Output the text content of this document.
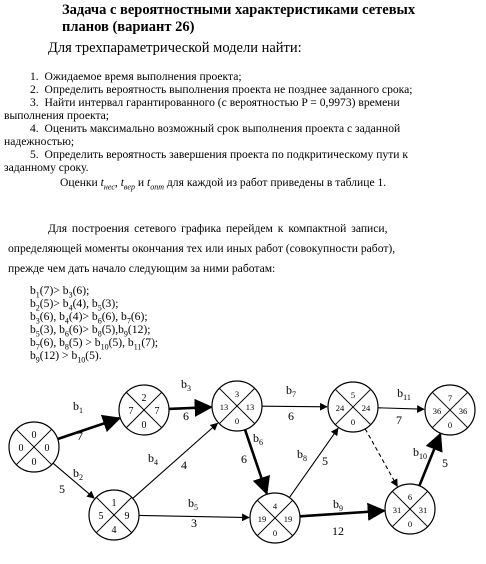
Задача с вероятностными характеристиками сетевых планов (вариант 26)
Для трехпараметрической модели найти:
1. Ожидаемое время выполнения проекта;
2. Определить вероятность выполнения проекта не позднее заданного срока;
3. Найти интервал гарантированного (с вероятностью P = 0,9973) времени
выполнения проекта;
4. Оценить максимально возможный срок выполнения проекта с заданной
надежностью;
5. Определить вероятность завершения проекта по подкритическому пути к
заданному сроку.
Оценки $t_{нес}$, $t_{вер}$ и $t_{опт}$ для каждой из работ приведены в таблице 1.
Для построения сетевого графика перейдем к компактной записи,
определяющей моменты окончания тех или иных работ (совокупности работ),
прежде чем дать начало следующим за ними работам:
$b_1(7)> b_3(6)$;
$b_2(5)> b_4(4)$, $b_5(3)$;
$b_3(6)$, $b_4(4)> b_6(6)$, $b_7(6)$;
$b_5(3)$, $b_6(6)> b_8(5),b_9(12)$;
$b_7(6)$, $b_8(5) > b_{10}(5)$, $b_{11}(7)$;
$b_9(12) > b_{10}(5)$.
0
0 0
0
1
5 9
4
2
7 7
0
3
13 13
0
4
19 19
0
5
24 24
0
6
31 31
0
7
36 36
0
$b_1$
7
$b_2$
5
$b_3$
6
$b_4$ 4
$b_5$
3
$b_6$
6
$b_7$
6
$b_8$ 5
$b_9$
12
$b_{10}$ 5
$b_{11}$
7
